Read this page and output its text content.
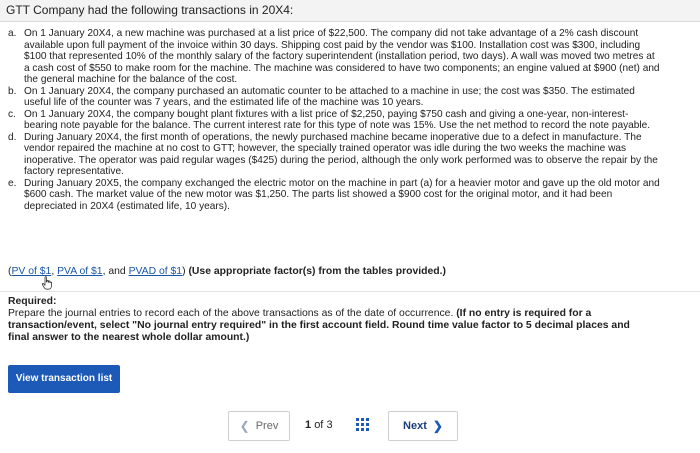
GTT Company had the following transactions in 20X4:
a. On 1 January 20X4, a new machine was purchased at a list price of $22,500. The company did not take advantage of a 2% cash discount available upon full payment of the invoice within 30 days. Shipping cost paid by the vendor was $100. Installation cost was $300, including $100 that represented 10% of the monthly salary of the factory superintendent (installation period, two days). A wall was moved two metres at a cash cost of $550 to make room for the machine. The machine was considered to have two components; an engine valued at $900 (net) and the general machine for the balance of the cost.
b. On 1 January 20X4, the company purchased an automatic counter to be attached to a machine in use; the cost was $350. The estimated useful life of the counter was 7 years, and the estimated life of the machine was 10 years.
c. On 1 January 20X4, the company bought plant fixtures with a list price of $2,250, paying $750 cash and giving a one-year, non-interest-bearing note payable for the balance. The current interest rate for this type of note was 15%. Use the net method to record the note payable.
d. During January 20X4, the first month of operations, the newly purchased machine became inoperative due to a defect in manufacture. The vendor repaired the machine at no cost to GTT; however, the specially trained operator was idle during the two weeks the machine was inoperative. The operator was paid regular wages ($425) during the period, although the only work performed was to observe the repair by the factory representative.
e. During January 20X5, the company exchanged the electric motor on the machine in part (a) for a heavier motor and gave up the old motor and $600 cash. The market value of the new motor was $1,250. The parts list showed a $900 cost for the original motor, and it had been depreciated in 20X4 (estimated life, 10 years).
(PV of $1, PVA of $1, and PVAD of $1) (Use appropriate factor(s) from the tables provided.)
Required:
Prepare the journal entries to record each of the above transactions as of the date of occurrence. (If no entry is required for a transaction/event, select "No journal entry required" in the first account field. Round time value factor to 5 decimal places and final answer to the nearest whole dollar amount.)
View transaction list
❮ Prev 1 of 3	Next ❯
